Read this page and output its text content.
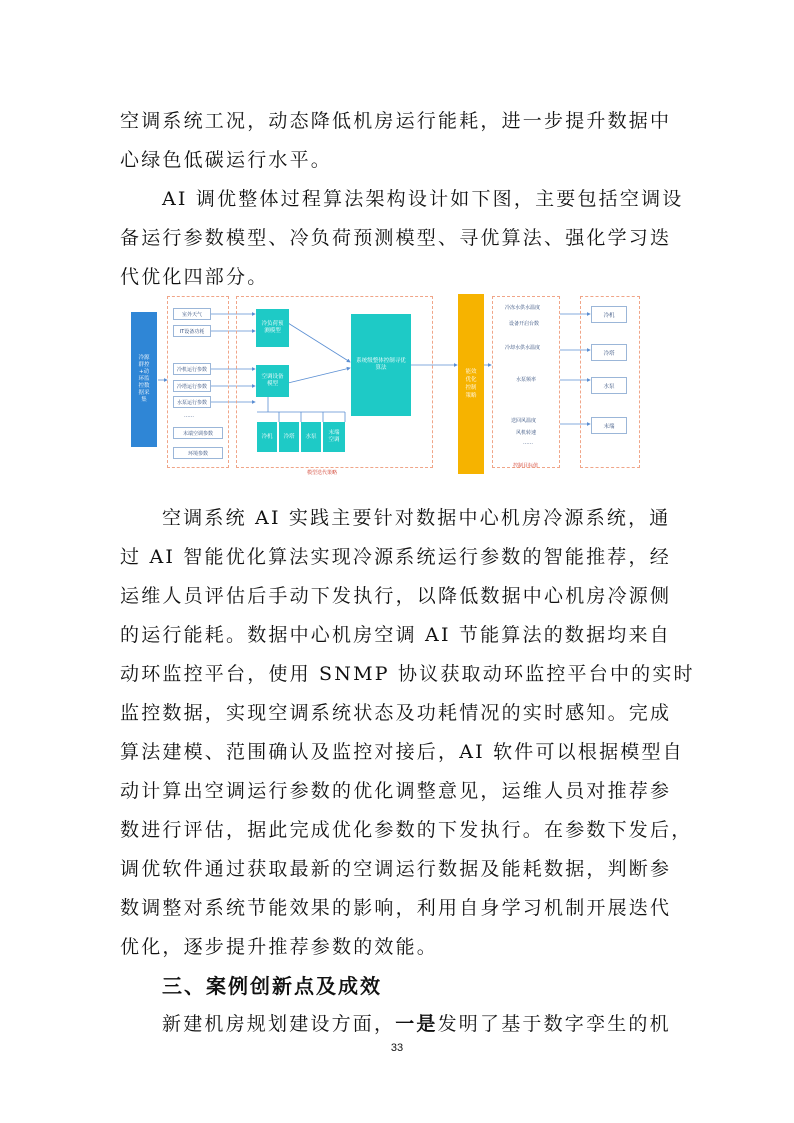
空调系统工况，动态降低机房运行能耗，进一步提升数据中
心绿色低碳运行水平。
AI 调优整体过程算法架构设计如下图，主要包括空调设
备运行参数模型、冷负荷预测模型、寻优算法、强化学习迭
代优化四部分。
冷源群控+动环监控数据采集
室外天气
IT设备功耗
冷机运行参数
冷塔运行参数
水泵运行参数
……
末端空调参数
环境参数
冷负荷预测模型
空调设备模型
冷机	冷塔	水泵
末端空调
系统级整体控制寻优算法
模型迭代策略
能效优化控制策略
冷冻水供水温度
设备开启台数
冷却水供水温度
水泵频率
送回风温度
风机转速
……
控制目标值
冷机
冷塔
水泵
末端
空调系统 AI 实践主要针对数据中心机房冷源系统，通
过 AI 智能优化算法实现冷源系统运行参数的智能推荐，经
运维人员评估后手动下发执行，以降低数据中心机房冷源侧
的运行能耗。数据中心机房空调 AI 节能算法的数据均来自
动环监控平台，使用 SNMP 协议获取动环监控平台中的实时
监控数据，实现空调系统状态及功耗情况的实时感知。完成
算法建模、范围确认及监控对接后，AI 软件可以根据模型自
动计算出空调运行参数的优化调整意见，运维人员对推荐参
数进行评估，据此完成优化参数的下发执行。在参数下发后，
调优软件通过获取最新的空调运行数据及能耗数据，判断参
数调整对系统节能效果的影响，利用自身学习机制开展迭代
优化，逐步提升推荐参数的效能。
三、案例创新点及成效
新建机房规划建设方面，一是发明了基于数字孪生的机
33
